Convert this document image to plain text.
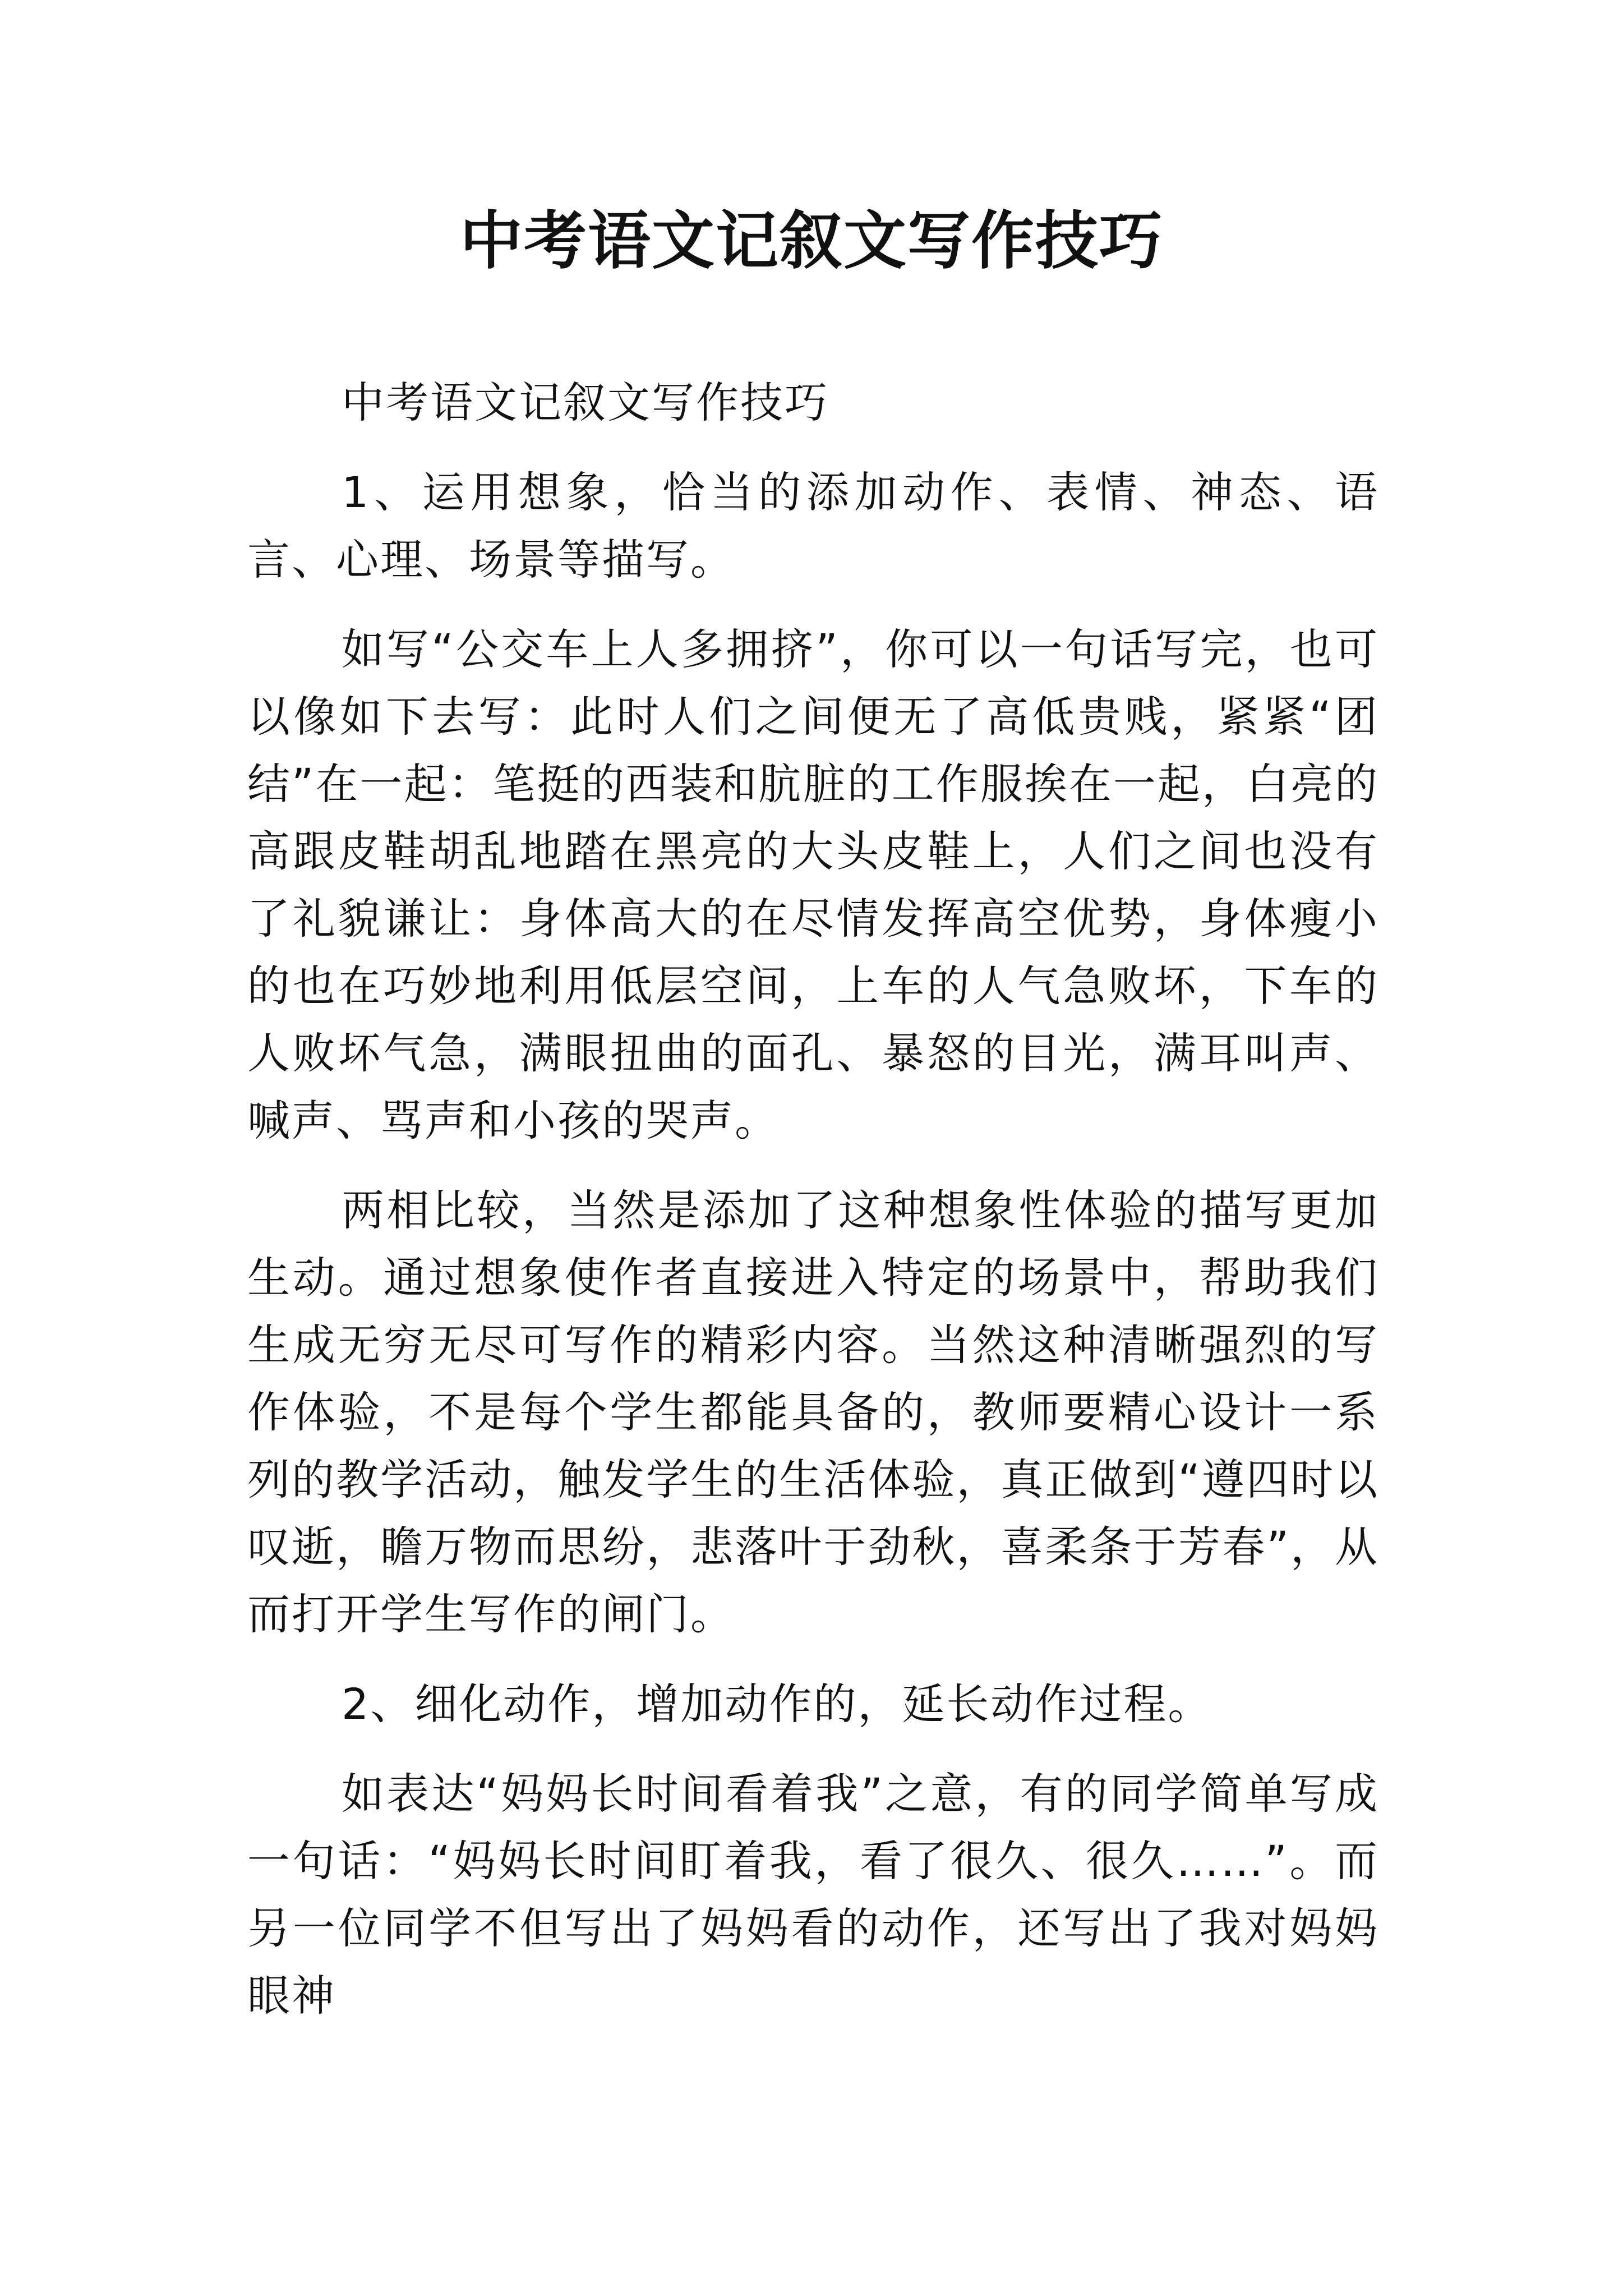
中考语文记叙文写作技巧

中考语文记叙文写作技巧

1、运用想象，恰当的添加动作、表情、神态、语言、心理、场景等描写。

如写“公交车上人多拥挤”，你可以一句话写完，也可以像如下去写：此时人们之间便无了高低贵贱，紧紧“团结”在一起：笔挺的西装和肮脏的工作服挨在一起，白亮的高跟皮鞋胡乱地踏在黑亮的大头皮鞋上，人们之间也没有了礼貌谦让：身体高大的在尽情发挥高空优势，身体瘦小的也在巧妙地利用低层空间，上车的人气急败坏，下车的人败坏气急，满眼扭曲的面孔、暴怒的目光，满耳叫声、喊声、骂声和小孩的哭声。

两相比较，当然是添加了这种想象性体验的描写更加生动。通过想象使作者直接进入特定的场景中，帮助我们生成无穷无尽可写作的精彩内容。当然这种清晰强烈的写作体验，不是每个学生都能具备的，教师要精心设计一系列的教学活动，触发学生的生活体验，真正做到“遵四时以叹逝，瞻万物而思纷，悲落叶于劲秋，喜柔条于芳春”，从而打开学生写作的闸门。

2、细化动作，增加动作的，延长动作过程。

如表达“妈妈长时间看着我”之意，有的同学简单写成一句话：“妈妈长时间盯着我，看了很久、很久……”。而另一位同学不但写出了妈妈看的动作，还写出了我对妈妈眼神
